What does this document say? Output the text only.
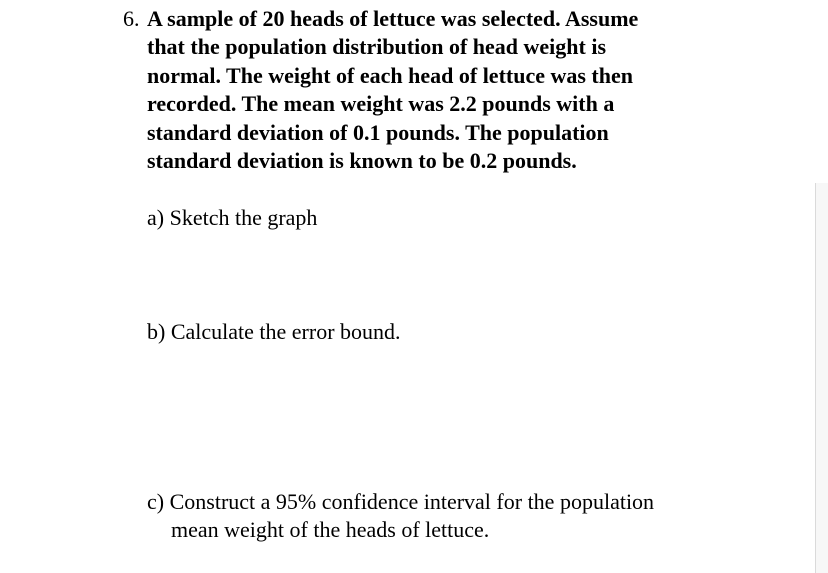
6. A sample of 20 heads of lettuce was selected. Assume
that the population distribution of head weight is
normal. The weight of each head of lettuce was then
recorded. The mean weight was 2.2 pounds with a
standard deviation of 0.1 pounds. The population
standard deviation is known to be 0.2 pounds.
a) Sketch the graph
b) Calculate the error bound.
c) Construct a 95% confidence interval for the population
mean weight of the heads of lettuce.
